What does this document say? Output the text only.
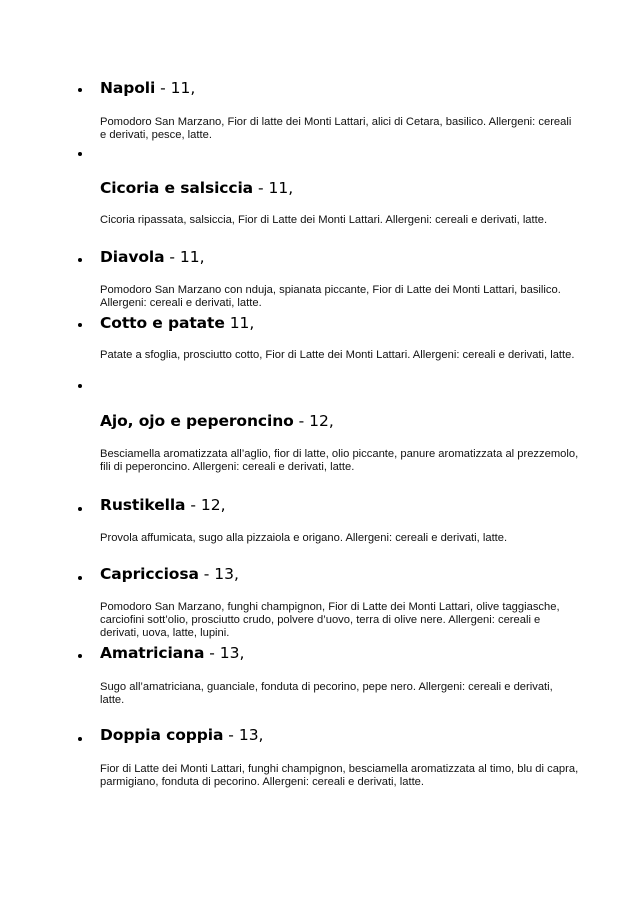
Napoli - 11,
Pomodoro San Marzano, Fior di latte dei Monti Lattari, alici di Cetara, basilico. Allergeni: cereali e derivati, pesce, latte.
Cicoria e salsiccia - 11,
Cicoria ripassata, salsiccia, Fior di Latte dei Monti Lattari. Allergeni: cereali e derivati, latte.
Diavola - 11,
Pomodoro San Marzano con nduja, spianata piccante, Fior di Latte dei Monti Lattari, basilico. Allergeni: cereali e derivati, latte.
Cotto e patate 11,
Patate a sfoglia, prosciutto cotto, Fior di Latte dei Monti Lattari. Allergeni: cereali e derivati, latte.
Ajo, ojo e peperoncino - 12,
Besciamella aromatizzata all’aglio, fior di latte, olio piccante, panure aromatizzata al prezzemolo, fili di peperoncino. Allergeni: cereali e derivati, latte.
Rustikella - 12,
Provola affumicata, sugo alla pizzaiola e origano. Allergeni: cereali e derivati, latte.
Capricciosa - 13,
Pomodoro San Marzano, funghi champignon, Fior di Latte dei Monti Lattari, olive taggiasche, carciofini sott’olio, prosciutto crudo, polvere d’uovo, terra di olive nere. Allergeni: cereali e derivati, uova, latte, lupini.
Amatriciana - 13,
Sugo all’amatriciana, guanciale, fonduta di pecorino, pepe nero. Allergeni: cereali e derivati, latte.
Doppia coppia - 13,
Fior di Latte dei Monti Lattari, funghi champignon, besciamella aromatizzata al timo, blu di capra, parmigiano, fonduta di pecorino. Allergeni: cereali e derivati, latte.
